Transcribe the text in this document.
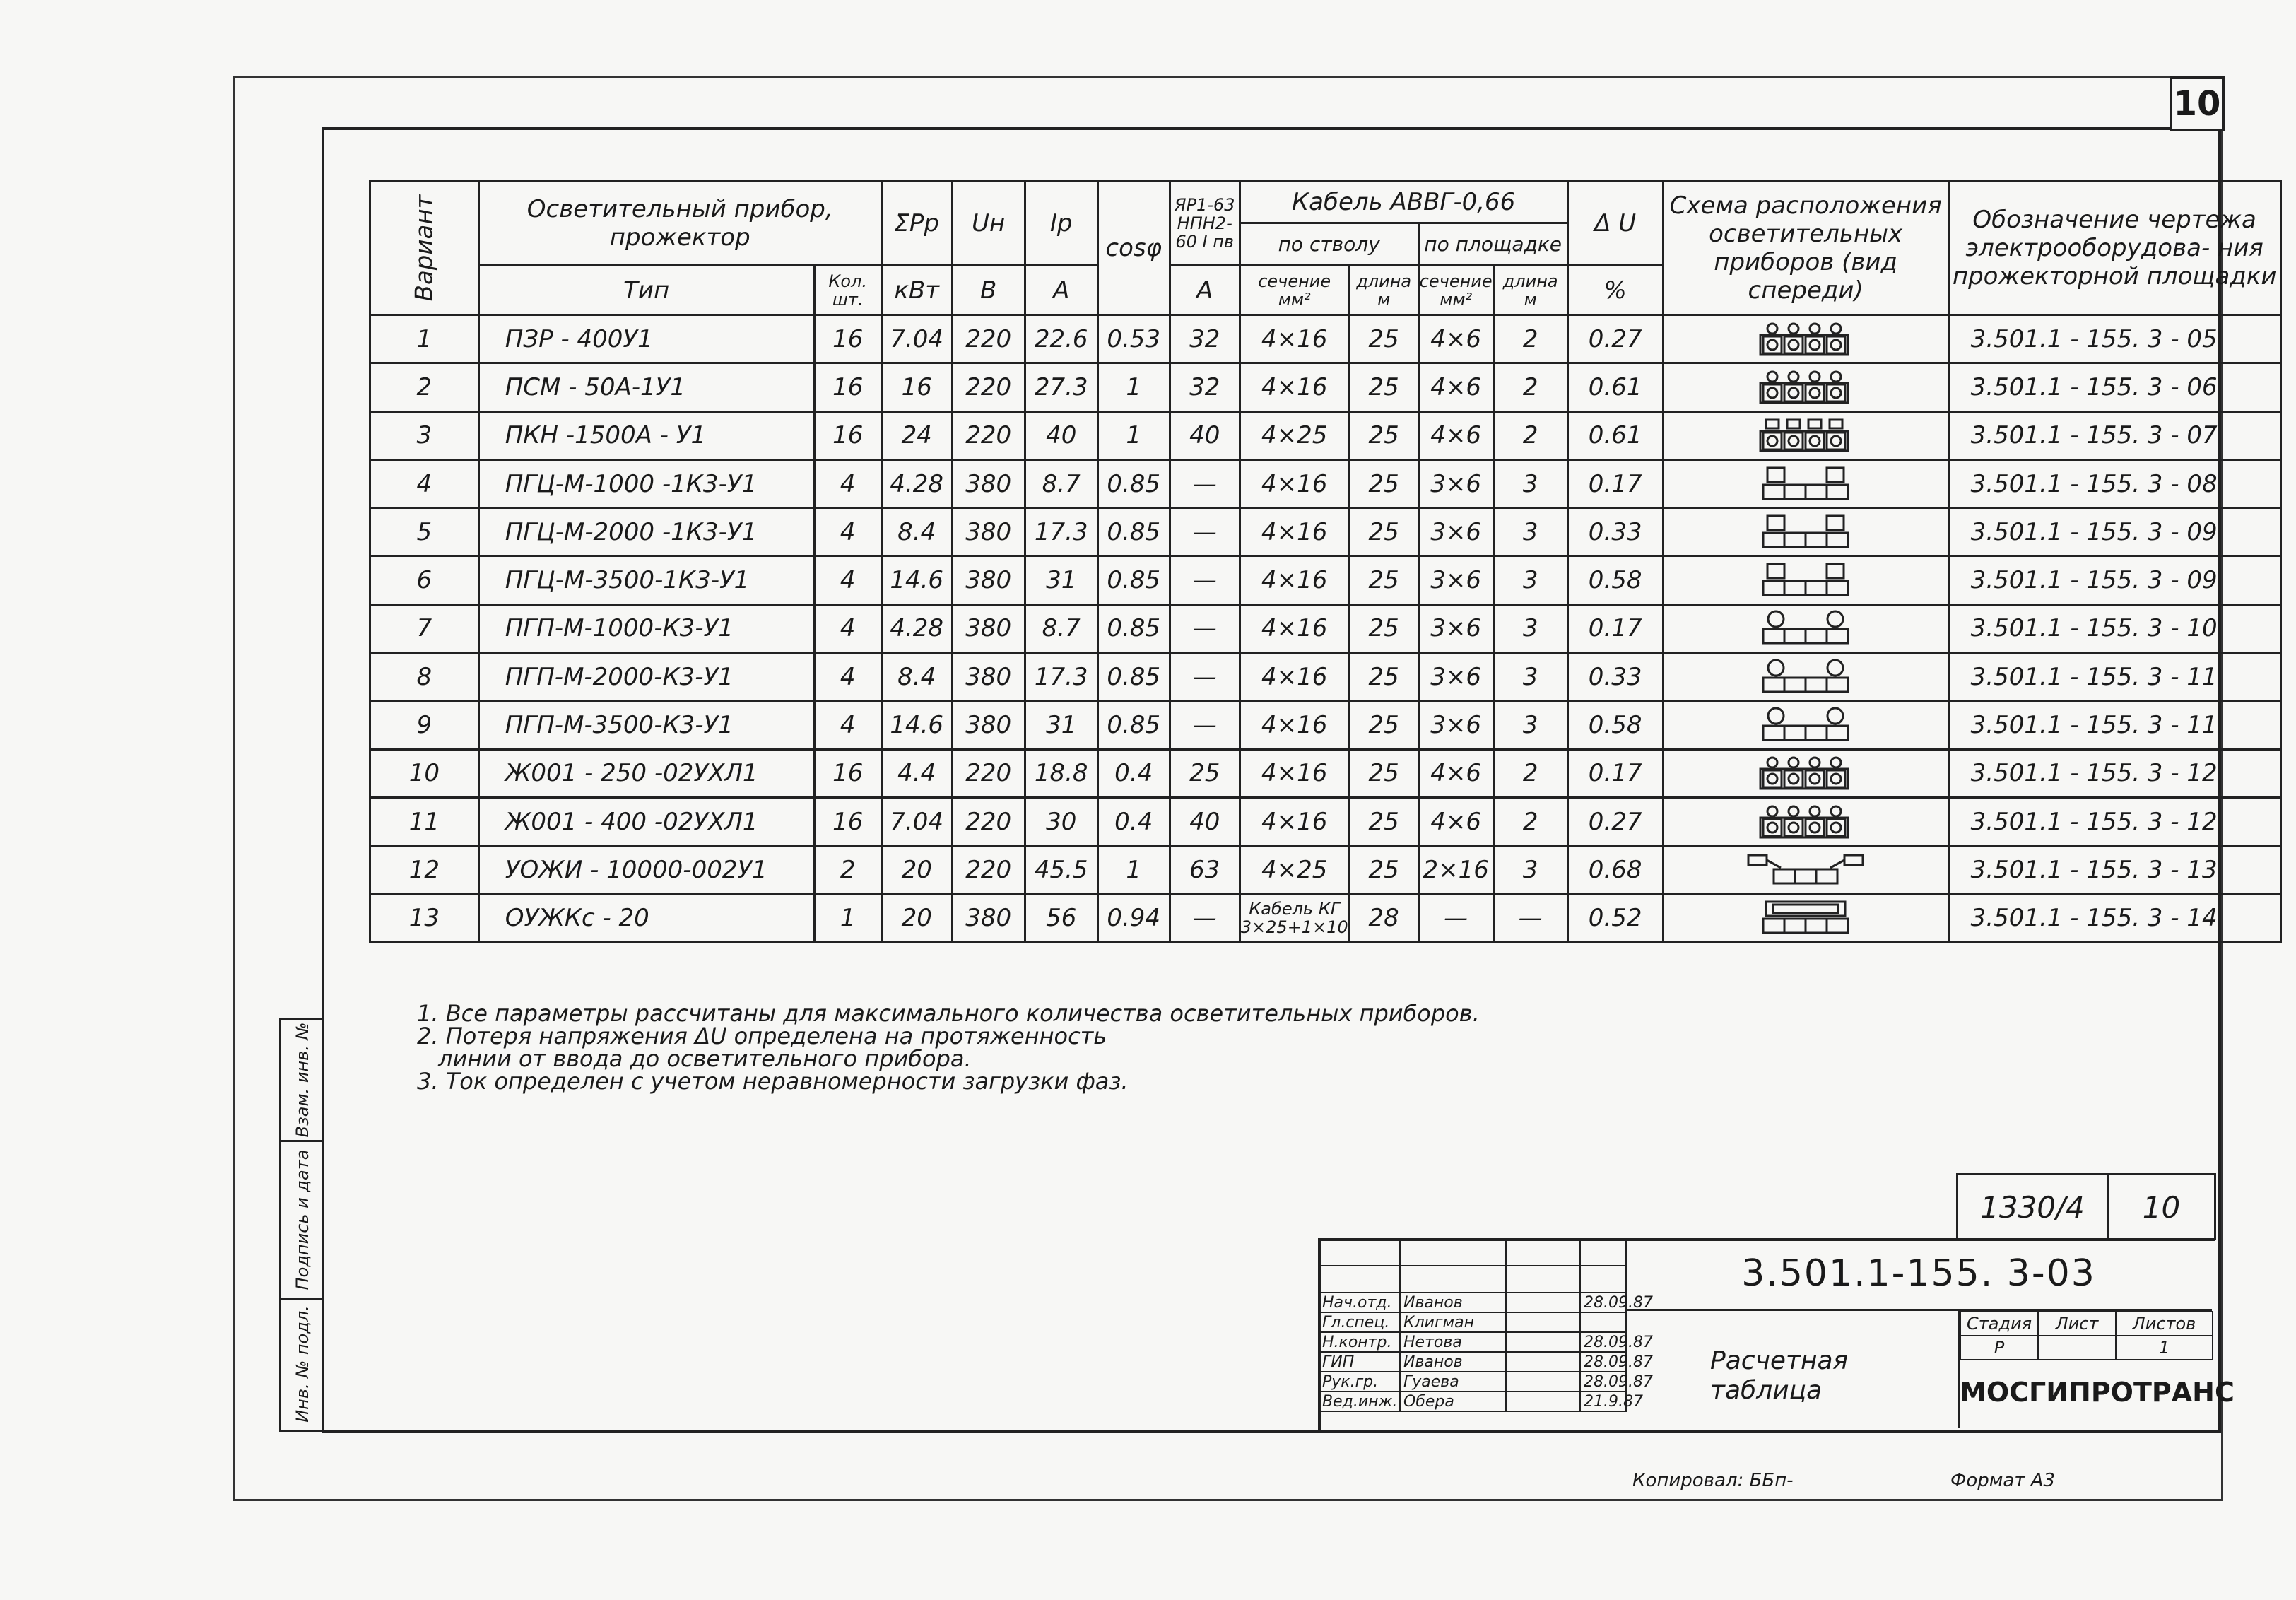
10
Вариант	Осветительный прибор, прожектор		ΣPр	Uн	Iр	cosφ	ЯР1-63 НПН2-60 I пв	Кабель АВВГ-0,66				Δ U	Схема расположения осветительных приборов (вид спереди)	Обозначение чертежа электрооборудова- ния прожекторной площадки
								по стволу		по площадке				
	Тип	Кол. шт.	кВт	В	А		А	сечение мм²	длина м	сечение мм²	длина м	%		
1	ПЗР - 400У1	16	7.04	220	22.6	0.53	32	4×16	25	4×6	2	0.27		3.501.1 - 155. 3 - 05
2	ПСМ - 50А-1У1	16	16	220	27.3	1	32	4×16	25	4×6	2	0.61		3.501.1 - 155. 3 - 06
3	ПКН -1500А - У1	16	24	220	40	1	40	4×25	25	4×6	2	0.61		3.501.1 - 155. 3 - 07
4	ПГЦ-М-1000 -1К3-У1	4	4.28	380	8.7	0.85	—	4×16	25	3×6	3	0.17		3.501.1 - 155. 3 - 08
5	ПГЦ-М-2000 -1К3-У1	4	8.4	380	17.3	0.85	—	4×16	25	3×6	3	0.33		3.501.1 - 155. 3 - 09
6	ПГЦ-М-3500-1К3-У1	4	14.6	380	31	0.85	—	4×16	25	3×6	3	0.58		3.501.1 - 155. 3 - 09
7	ПГП-М-1000-К3-У1	4	4.28	380	8.7	0.85	—	4×16	25	3×6	3	0.17		3.501.1 - 155. 3 - 10
8	ПГП-М-2000-К3-У1	4	8.4	380	17.3	0.85	—	4×16	25	3×6	3	0.33		3.501.1 - 155. 3 - 11
9	ПГП-М-3500-К3-У1	4	14.6	380	31	0.85	—	4×16	25	3×6	3	0.58		3.501.1 - 155. 3 - 11
10	Ж001 - 250 -02УХЛ1	16	4.4	220	18.8	0.4	25	4×16	25	4×6	2	0.17		3.501.1 - 155. 3 - 12
11	Ж001 - 400 -02УХЛ1	16	7.04	220	30	0.4	40	4×16	25	4×6	2	0.27		3.501.1 - 155. 3 - 12
12	УОЖИ - 10000-002У1	2	20	220	45.5	1	63	4×25	25	2×16	3	0.68		3.501.1 - 155. 3 - 13
13	ОУЖКс - 20	1	20	380	56	0.94	—	Кабель КГ 3×25+1×10	28	—	—	0.52		3.501.1 - 155. 3 - 14
1. Все параметры рассчитаны для максимального количества осветительных приборов.
2. Потеря напряжения ΔU определена на протяженность
линии от ввода до осветительного прибора.
3. Ток определен с учетом неравномерности загрузки фаз.
Взам. инв. №
Подпись и дата
Инв. № подл.
1330/4	10

Нач.отд.	Иванов		28.09.87
Гл.спец.	Клигман		
Н.контр.	Нетова		28.09.87
ГИП	Иванов		28.09.87
Рук.гр.	Гуаева		28.09.87
Вед.инж.	Обера		21.9.87
3.501.1-155. 3-03
Расчетная
таблица
Стадия	Лист	Листов
Р		1
МОСГИПРОТРАНС
Копировал: ББп-	Формат А3
